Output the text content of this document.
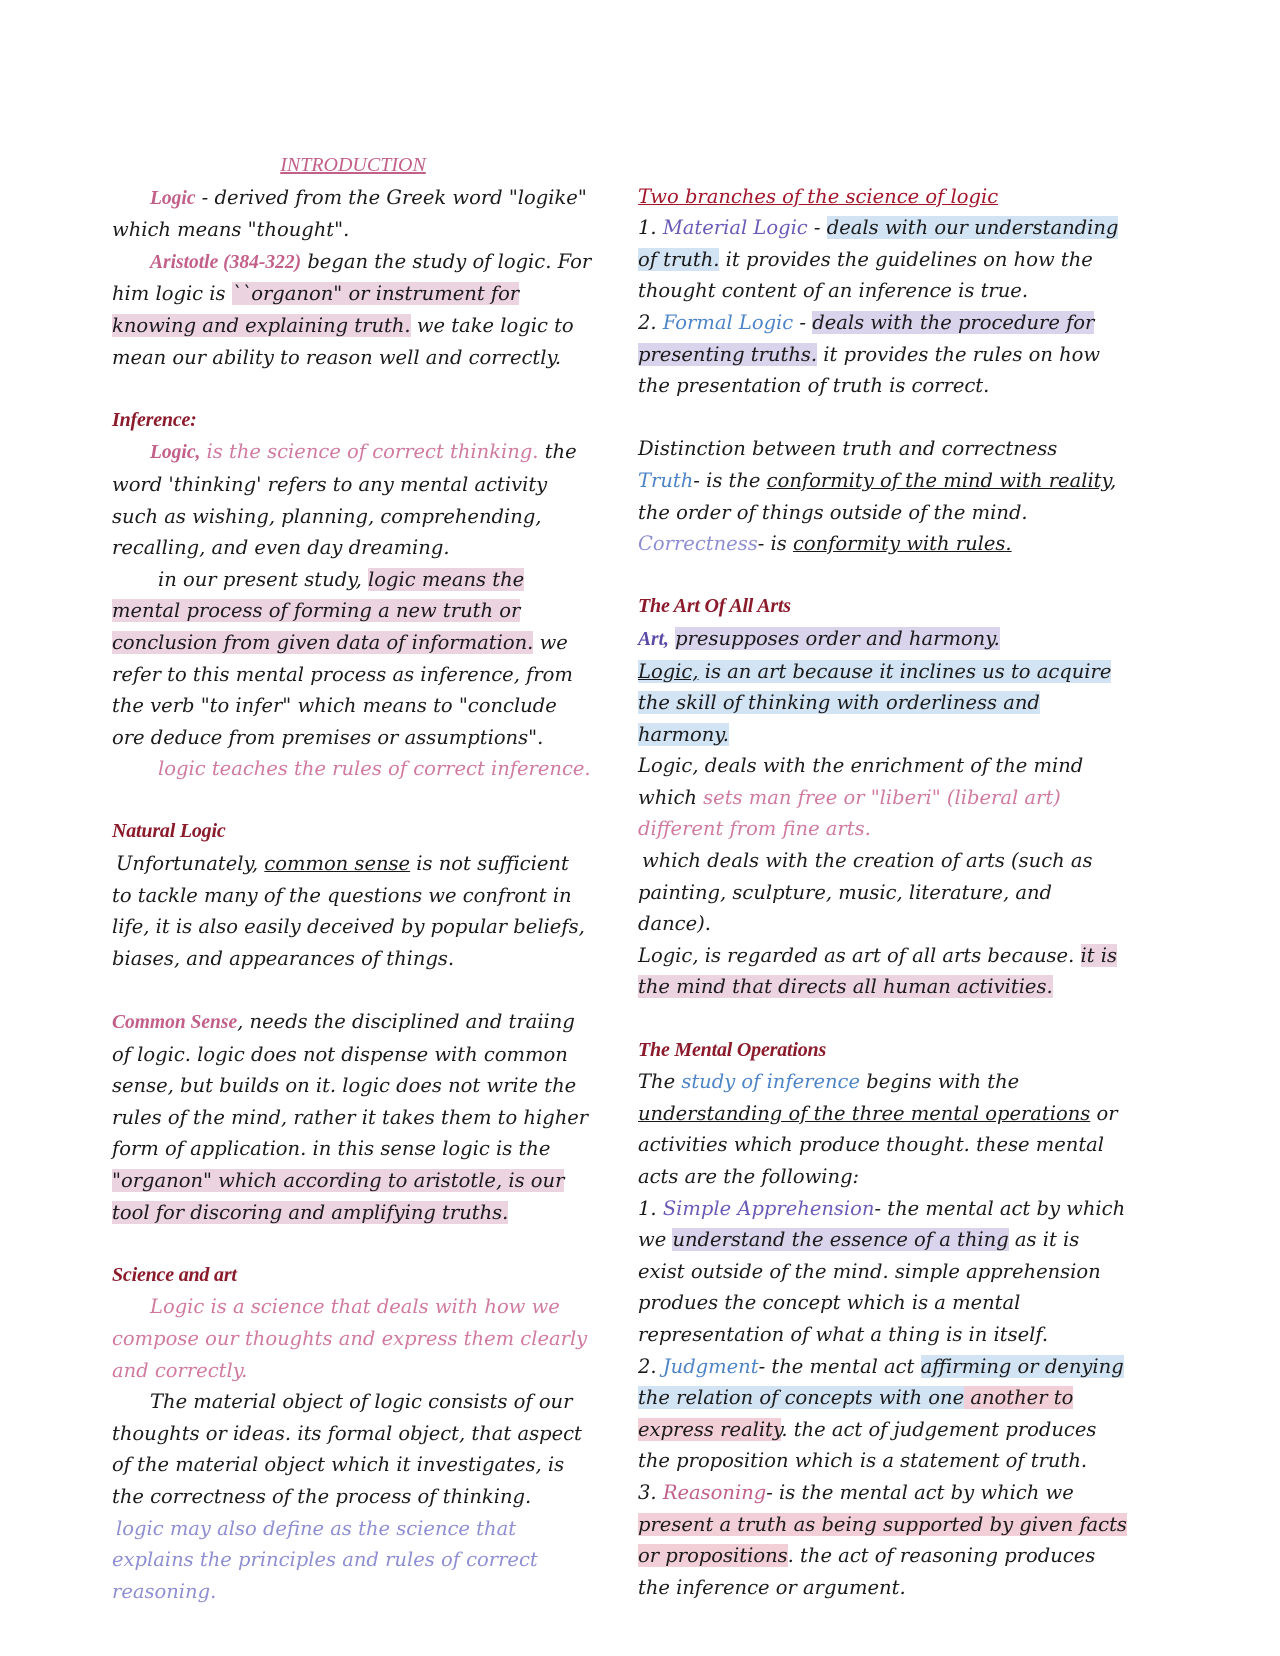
INTRODUCTION

Logic - derived from the Greek word "logike" which means "thought".

Aristotle (384-322) began the study of logic. For him logic is ``organon" or instrument for knowing and explaining truth. we take logic to mean our ability to reason well and correctly.

Inference:

Logic, is the science of correct thinking. the word 'thinking' refers to any mental activity such as wishing, planning, comprehending, recalling, and even day dreaming.

in our present study, logic means the mental process of forming a new truth or conclusion from given data of information. we refer to this mental process as inference, from the verb "to infer" which means to "conclude ore deduce from premises or assumptions".

logic teaches the rules of correct inference.

Natural Logic

Unfortunately, common sense is not sufficient to tackle many of the questions we confront in life, it is also easily deceived by popular beliefs, biases, and appearances of things.

Common Sense, needs the disciplined and traiing of logic. logic does not dispense with common sense, but builds on it. logic does not write the rules of the mind, rather it takes them to higher form of application. in this sense logic is the "organon" which according to aristotle, is our tool for discoring and amplifying truths.

Science and art

Logic is a science that deals with how we compose our thoughts and express them clearly and correctly.

The material object of logic consists of our thoughts or ideas. its formal object, that aspect of the material object which it investigates, is the correctness of the process of thinking.

logic may also define as the science that explains the principles and rules of correct reasoning.

Two branches of the science of logic

1. Material Logic - deals with our understanding of truth. it provides the guidelines on how the thought content of an inference is true.

2. Formal Logic - deals with the procedure for presenting truths. it provides the rules on how the presentation of truth is correct.

Distinction between truth and correctness

Truth- is the conformity of the mind with reality, the order of things outside of the mind.

Correctness- is conformity with rules.

The Art Of All Arts

Art, presupposes order and harmony.

Logic, is an art because it inclines us to acquire the skill of thinking with orderliness and harmony.

Logic, deals with the enrichment of the mind which sets man free or "liberi" (liberal art) different from fine arts.

which deals with the creation of arts (such as painting, sculpture, music, literature, and dance).

Logic, is regarded as art of all arts because. it is the mind that directs all human activities.

The Mental Operations

The study of inference begins with the understanding of the three mental operations or activities which produce thought. these mental acts are the following:

1. Simple Apprehension- the mental act by which we understand the essence of a thing as it is exist outside of the mind. simple apprehension produes the concept which is a mental representation of what a thing is in itself.

2. Judgment- the mental act affirming or denying the relation of concepts with one another to express reality. the act of judgement produces the proposition which is a statement of truth.

3. Reasoning- is the mental act by which we present a truth as being supported by given facts or propositions. the act of reasoning produces the inference or argument.
